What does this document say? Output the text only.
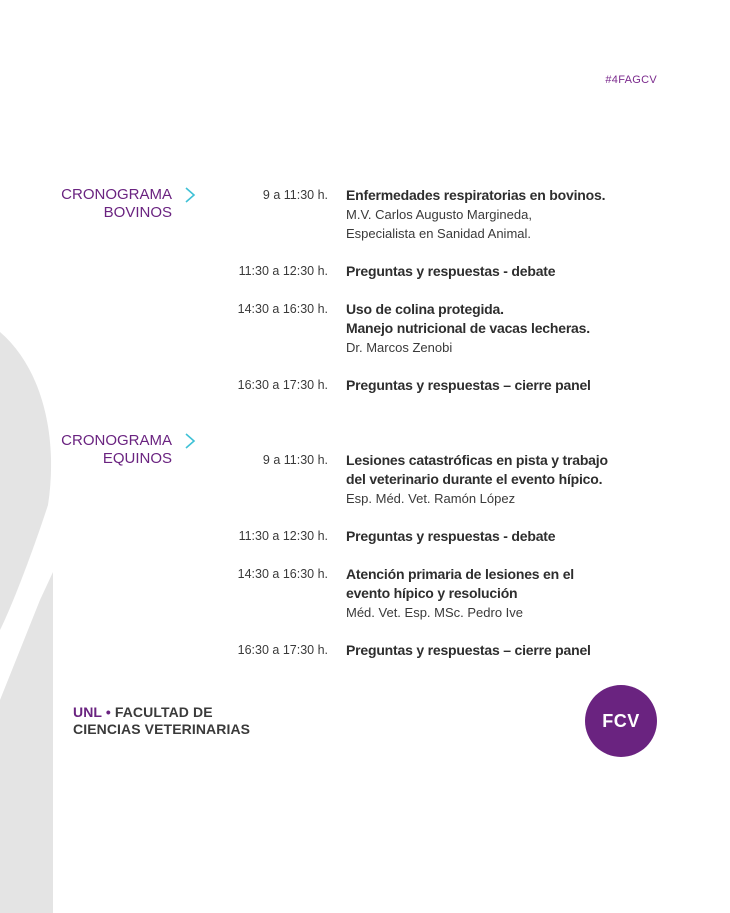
#4FAGCV
CRONOGRAMA
BOVINOS
9 a 11:30 h. Enfermedades respiratorias en bovinos.
M.V. Carlos Augusto Margineda,
Especialista en Sanidad Animal.
11:30 a 12:30 h. Preguntas y respuestas - debate
14:30 a 16:30 h. Uso de colina protegida.
Manejo nutricional de vacas lecheras.
Dr. Marcos Zenobi
16:30 a 17:30 h. Preguntas y respuestas – cierre panel
CRONOGRAMA
EQUINOS	9 a 11:30 h. Lesiones catastróficas en pista y trabajo
del veterinario durante el evento hípico.
Esp. Méd. Vet. Ramón López
11:30 a 12:30 h. Preguntas y respuestas - debate
14:30 a 16:30 h. Atención primaria de lesiones en el
evento hípico y resolución
Méd. Vet. Esp. MSc. Pedro Ive
16:30 a 17:30 h. Preguntas y respuestas – cierre panel
UNL • FACULTAD DE
CIENCIAS VETERINARIAS	FCV
